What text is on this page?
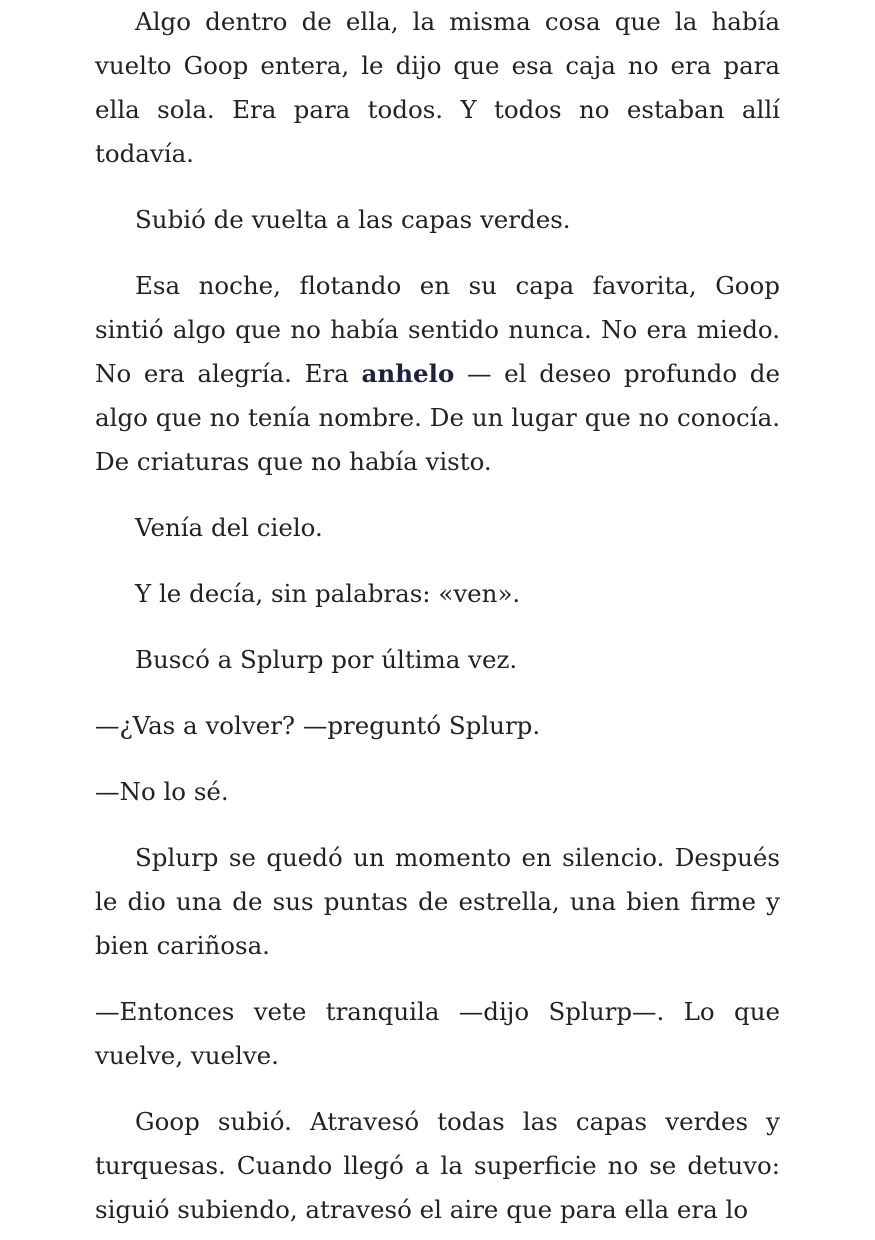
Algo dentro de ella, la misma cosa que la había vuelto Goop entera, le dijo que esa caja no era para ella sola. Era para todos. Y todos no estaban allí todavía.

Subió de vuelta a las capas verdes.

Esa noche, flotando en su capa favorita, Goop sintió algo que no había sentido nunca. No era miedo. No era alegría. Era anhelo — el deseo profundo de algo que no tenía nombre. De un lugar que no conocía. De criaturas que no había visto.

Venía del cielo.

Y le decía, sin palabras: «ven».

Buscó a Splurp por última vez.

—¿Vas a volver? —preguntó Splurp.

—No lo sé.

Splurp se quedó un momento en silencio. Después le dio una de sus puntas de estrella, una bien firme y bien cariñosa.

—Entonces vete tranquila —dijo Splurp—. Lo que vuelve, vuelve.

Goop subió. Atravesó todas las capas verdes y turquesas. Cuando llegó a la superficie no se detuvo: siguió subiendo, atravesó el aire que para ella era lo
